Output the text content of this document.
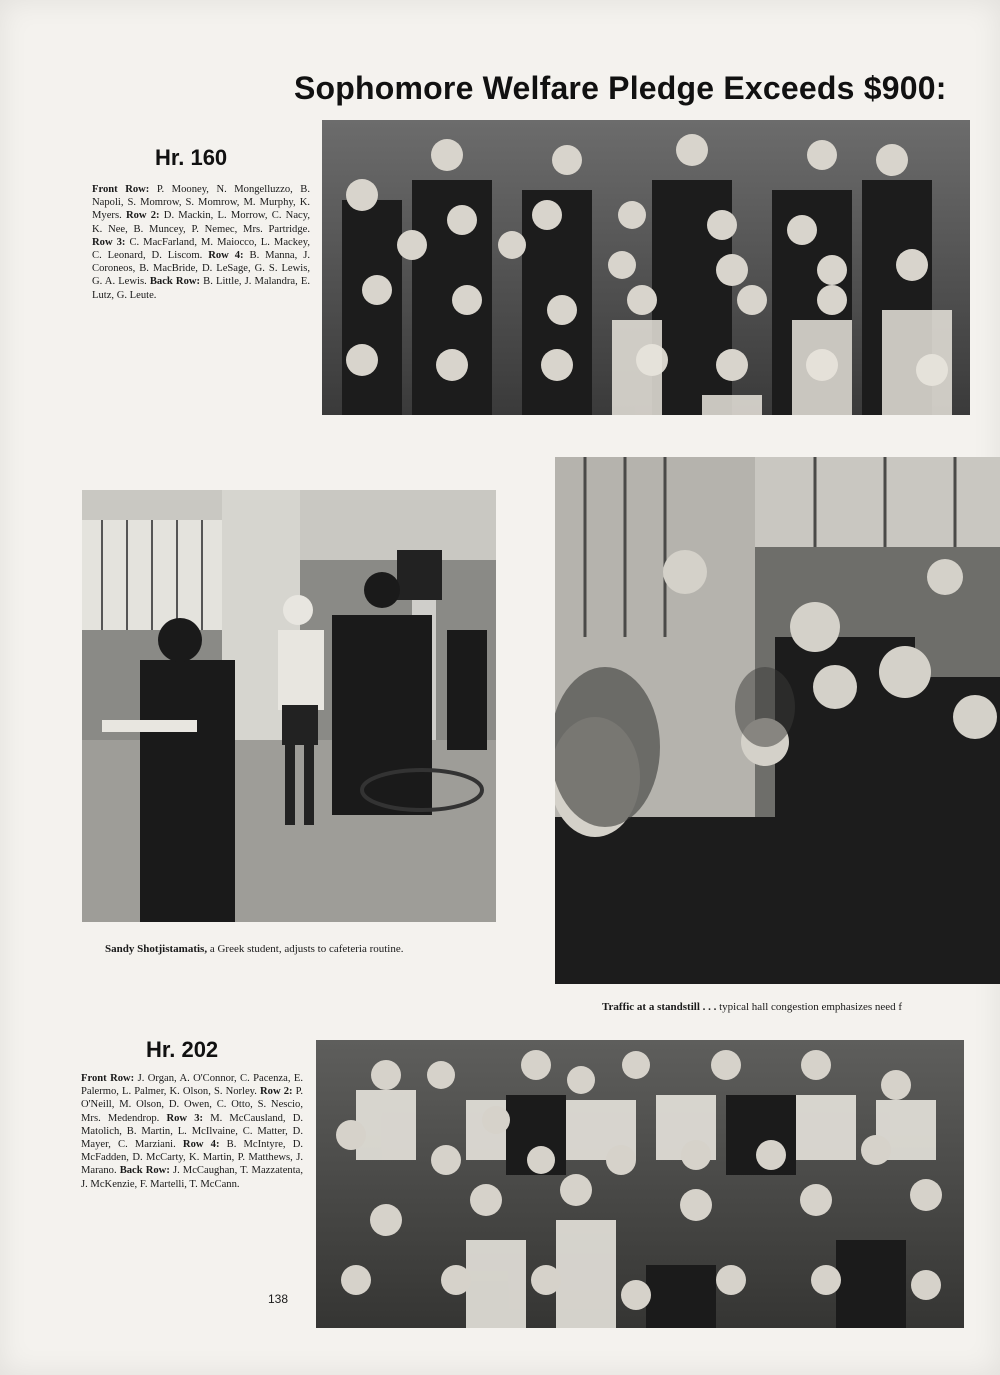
Sophomore Welfare Pledge Exceeds $900:
Hr. 160
Front Row: P. Mooney, N. Mongelluzzo, B. Napoli, S. Momrow, S. Momrow, M. Murphy, K. Myers. Row 2: D. Mackin, L. Morrow, C. Nacy, K. Nee, B. Muncey, P. Nemec, Mrs. Partridge. Row 3: C. MacFarland, M. Maiocco, L. Mackey, C. Leonard, D. Liscom. Row 4: B. Manna, J. Coroneos, B. MacBride, D. LeSage, G. S. Lewis, G. A. Lewis. Back Row: B. Little, J. Malandra, E. Lutz, G. Leute.
Sandy Shotjistamatis, a Greek student, adjusts to cafeteria routine.
Traffic at a standstill . . . typical hall congestion emphasizes need f
Hr. 202
Front Row: J. Organ, A. O'Connor, C. Pacenza, E. Palermo, L. Palmer, K. Olson, S. Norley. Row 2: P. O'Neill, M. Olson, D. Owen, C. Otto, S. Nescio, Mrs. Medendrop. Row 3: M. McCausland, D. Matolich, B. Martin, L. McIlvaine, C. Matter, D. Mayer, C. Marziani. Row 4: B. McIntyre, D. McFadden, D. McCarty, K. Martin, P. Matthews, J. Marano. Back Row: J. McCaughan, T. Mazzatenta, J. McKenzie, F. Martelli, T. McCann.
138
